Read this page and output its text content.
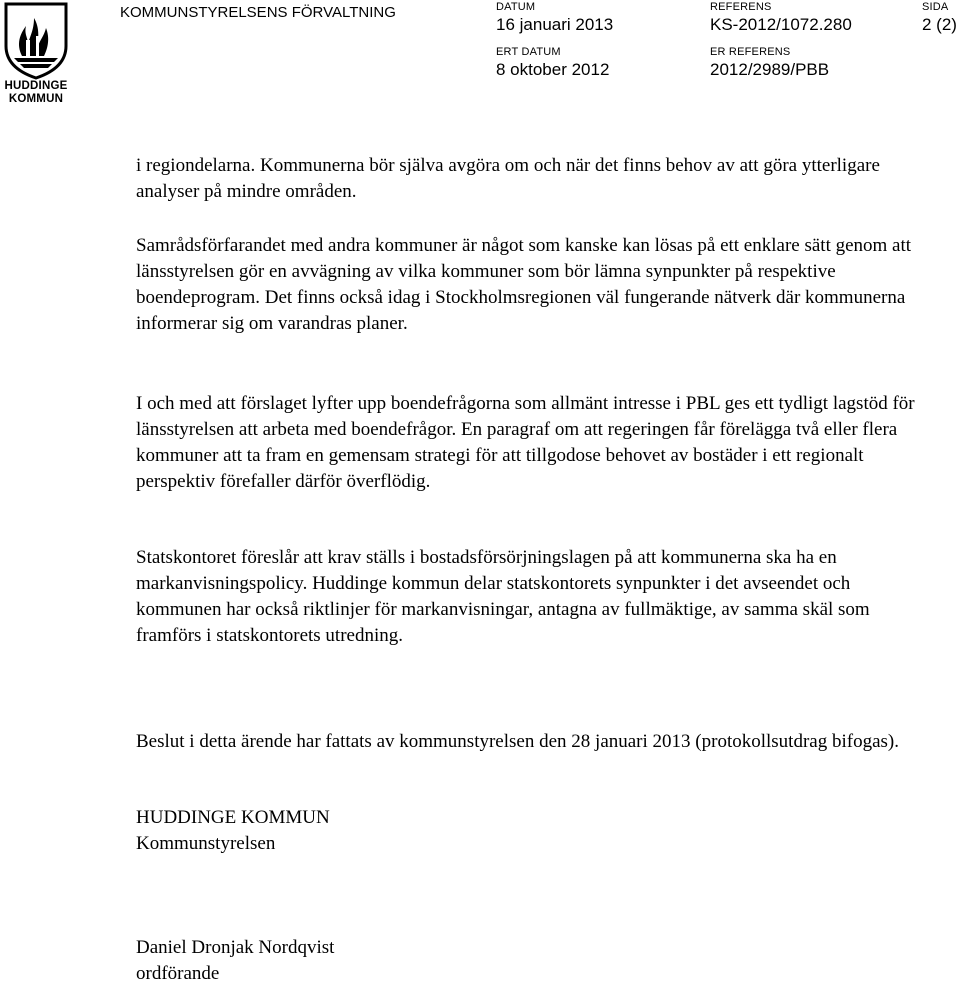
HUDDINGE
KOMMUN
KOMMUNSTYRELSENS FÖRVALTNING	DATUM
16 januari 2013
REFERENS
KS-2012/1072.280
SIDA
2 (2)
ERT DATUM
8 oktober 2012
ER REFERENS
2012/2989/PBB

i regiondelarna. Kommunerna bör själva avgöra om och när det finns behov av att göra ytterligare analyser på mindre områden.

Samrådsförfarandet med andra kommuner är något som kanske kan lösas på ett enklare sätt genom att länsstyrelsen gör en avvägning av vilka kommuner som bör lämna synpunkter på respektive boendeprogram. Det finns också idag i Stockholmsregionen väl fungerande nätverk där kommunerna informerar sig om varandras planer.

I och med att förslaget lyfter upp boendefrågorna som allmänt intresse i PBL ges ett tydligt lagstöd för länsstyrelsen att arbeta med boendefrågor. En paragraf om att regeringen får förelägga två eller flera kommuner att ta fram en gemensam strategi för att tillgodose behovet av bostäder i ett regionalt perspektiv förefaller därför överflödig.

Statskontoret föreslår att krav ställs i bostadsförsörjningslagen på att kommunerna ska ha en markanvisningspolicy. Huddinge kommun delar statskontorets synpunkter i det avseendet och kommunen har också riktlinjer för markanvisningar, antagna av fullmäktige, av samma skäl som framförs i statskontorets utredning.

Beslut i detta ärende har fattats av kommunstyrelsen den 28 januari 2013 (protokollsutdrag bifogas).

HUDDINGE KOMMUN

Kommunstyrelsen

Daniel Dronjak Nordqvist

ordförande
